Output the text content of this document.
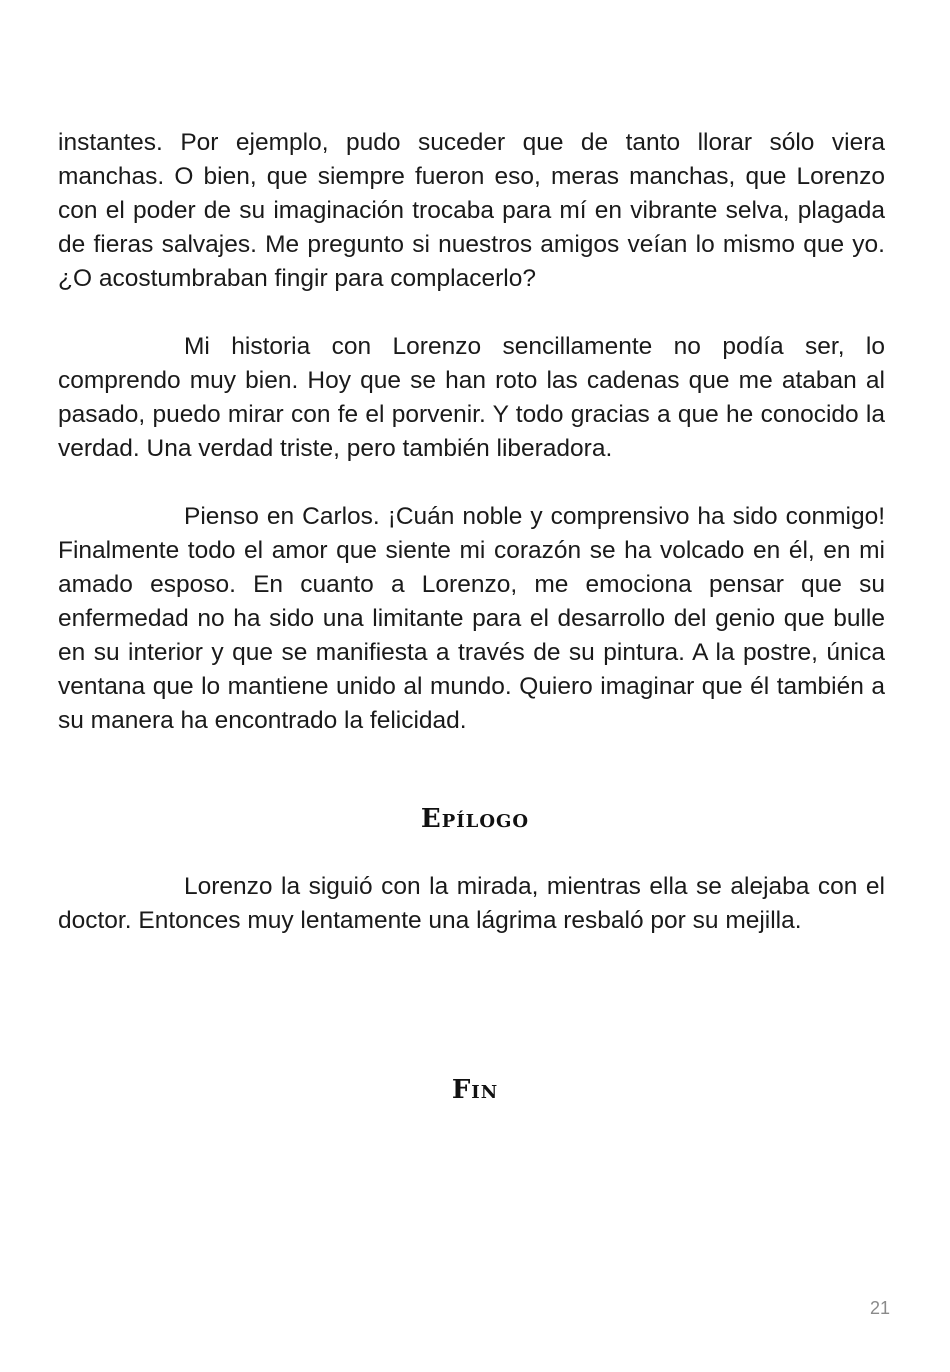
instantes. Por ejemplo, pudo suceder que de tanto llorar sólo viera manchas. O bien, que siempre fueron eso, meras manchas, que Lorenzo con el poder de su imaginación trocaba para mí en vibrante selva, plagada de fieras salvajes. Me pregunto si nuestros amigos veían lo mismo que yo. ¿O acostumbraban fingir para complacerlo?

Mi historia con Lorenzo sencillamente no podía ser, lo comprendo muy bien. Hoy que se han roto las cadenas que me ataban al pasado, puedo mirar con fe el porvenir. Y todo gracias a que he conocido la verdad. Una verdad triste, pero también liberadora.

Pienso en Carlos. ¡Cuán noble y comprensivo ha sido conmigo! Finalmente todo el amor que siente mi corazón se ha volcado en él, en mi amado esposo. En cuanto a Lorenzo, me emociona pensar que su enfermedad no ha sido una limitante para el desarrollo del genio que bulle en su interior y que se manifiesta a través de su pintura. A la postre, única ventana que lo mantiene unido al mundo. Quiero imaginar que él también a su manera ha encontrado la felicidad.

Epílogo

Lorenzo la siguió con la mirada, mientras ella se alejaba con el doctor. Entonces muy lentamente una lágrima resbaló por su mejilla.

Fin
21
